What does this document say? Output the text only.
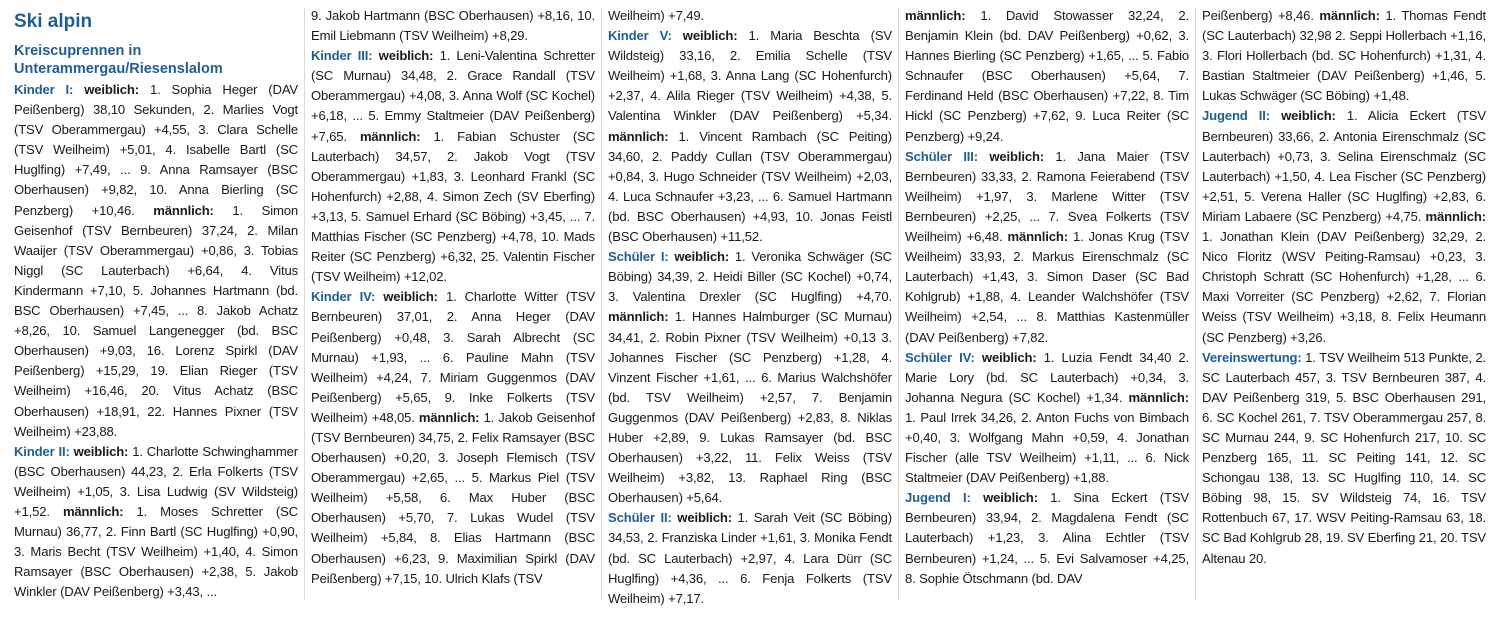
Ski alpin
Kreiscuprennen in Unterammergau/Riesenslalom

Kinder I: weiblich: 1. Sophia Heger (DAV Peißenberg) 38,10 Sekunden, 2. Marlies Vogt (TSV Oberammergau) +4,55, 3. Clara Schelle (TSV Weilheim) +5,01, 4. Isabelle Bartl (SC Huglfing) +7,49, ... 9. Anna Ramsayer (BSC Oberhausen) +9,82, 10. Anna Bierling (SC Penzberg) +10,46. männlich: 1. Simon Geisenhof (TSV Bernbeuren) 37,24, 2. Milan Waaijer (TSV Oberammergau) +0,86, 3. Tobias Niggl (SC Lauterbach) +6,64, 4. Vitus Kindermann +7,10, 5. Johannes Hartmann (bd. BSC Oberhausen) +7,45, ... 8. Jakob Achatz +8,26, 10. Samuel Langenegger (bd. BSC Oberhausen) +9,03, 16. Lorenz Spirkl (DAV Peißenberg) +15,29, 19. Elian Rieger (TSV Weilheim) +16,46, 20. Vitus Achatz (BSC Oberhausen) +18,91, 22. Hannes Pixner (TSV Weilheim) +23,88.

Kinder II: weiblich: 1. Charlotte Schwinghammer (BSC Oberhausen) 44,23, 2. Erla Folkerts (TSV Weilheim) +1,05, 3. Lisa Ludwig (SV Wildsteig) +1,52. männlich: 1. Moses Schretter (SC Murnau) 36,77, 2. Finn Bartl (SC Huglfing) +0,90, 3. Maris Becht (TSV Weilheim) +1,40, 4. Simon Ramsayer (BSC Oberhausen) +2,38, 5. Jakob Winkler (DAV Peißenberg) +3,43, ...

9. Jakob Hartmann (BSC Oberhausen) +8,16, 10. Emil Liebmann (TSV Weilheim) +8,29.

Kinder III: weiblich: 1. Leni-Valentina Schretter (SC Murnau) 34,48, 2. Grace Randall (TSV Oberammergau) +4,08, 3. Anna Wolf (SC Kochel) +6,18, ... 5. Emmy Staltmeier (DAV Peißenberg) +7,65. männlich: 1. Fabian Schuster (SC Lauterbach) 34,57, 2. Jakob Vogt (TSV Oberammergau) +1,83, 3. Leonhard Frankl (SC Hohenfurch) +2,88, 4. Simon Zech (SV Eberfing) +3,13, 5. Samuel Erhard (SC Böbing) +3,45, ... 7. Matthias Fischer (SC Penzberg) +4,78, 10. Mads Reiter (SC Penzberg) +6,32, 25. Valentin Fischer (TSV Weilheim) +12,02.

Kinder IV: weiblich: 1. Charlotte Witter (TSV Bernbeuren) 37,01, 2. Anna Heger (DAV Peißenberg) +0,48, 3. Sarah Albrecht (SC Murnau) +1,93, ... 6. Pauline Mahn (TSV Weilheim) +4,24, 7. Miriam Guggenmos (DAV Peißenberg) +5,65, 9. Inke Folkerts (TSV Weilheim) +48,05. männlich: 1. Jakob Geisenhof (TSV Bernbeuren) 34,75, 2. Felix Ramsayer (BSC Oberhausen) +0,20, 3. Joseph Flemisch (TSV Oberammergau) +2,65, ... 5. Markus Piel (TSV Weilheim) +5,58, 6. Max Huber (BSC Oberhausen) +5,70, 7. Lukas Wudel (TSV Weilheim) +5,84, 8. Elias Hartmann (BSC Oberhausen) +6,23, 9. Maximilian Spirkl (DAV Peißenberg) +7,15, 10. Ulrich Klafs (TSV

Weilheim) +7,49.

Kinder V: weiblich: 1. Maria Beschta (SV Wildsteig) 33,16, 2. Emilia Schelle (TSV Weilheim) +1,68, 3. Anna Lang (SC Hohenfurch) +2,37, 4. Alila Rieger (TSV Weilheim) +4,38, 5. Valentina Winkler (DAV Peißenberg) +5,34. männlich: 1. Vincent Rambach (SC Peiting) 34,60, 2. Paddy Cullan (TSV Oberammergau) +0,84, 3. Hugo Schneider (TSV Weilheim) +2,03, 4. Luca Schnaufer +3,23, ... 6. Samuel Hartmann (bd. BSC Oberhausen) +4,93, 10. Jonas Feistl (BSC Oberhausen) +11,52.

Schüler I: weiblich: 1. Veronika Schwäger (SC Böbing) 34,39, 2. Heidi Biller (SC Kochel) +0,74, 3. Valentina Drexler (SC Huglfing) +4,70. männlich: 1. Hannes Halmburger (SC Murnau) 34,41, 2. Robin Pixner (TSV Weilheim) +0,13 3. Johannes Fischer (SC Penzberg) +1,28, 4. Vinzent Fischer +1,61, ... 6. Marius Walchshöfer (bd. TSV Weilheim) +2,57, 7. Benjamin Guggenmos (DAV Peißenberg) +2,83, 8. Niklas Huber +2,89, 9. Lukas Ramsayer (bd. BSC Oberhausen) +3,22, 11. Felix Weiss (TSV Weilheim) +3,82, 13. Raphael Ring (BSC Oberhausen) +5,64.

Schüler II: weiblich: 1. Sarah Veit (SC Böbing) 34,53, 2. Franziska Linder +1,61, 3. Monika Fendt (bd. SC Lauterbach) +2,97, 4. Lara Dürr (SC Huglfing) +4,36, ... 6. Fenja Folkerts (TSV Weilheim) +7,17.

männlich: 1. David Stowasser 32,24, 2. Benjamin Klein (bd. DAV Peißenberg) +0,62, 3. Hannes Bierling (SC Penzberg) +1,65, ... 5. Fabio Schnaufer (BSC Oberhausen) +5,64, 7. Ferdinand Held (BSC Oberhausen) +7,22, 8. Tim Hickl (SC Penzberg) +7,62, 9. Luca Reiter (SC Penzberg) +9,24.

Schüler III: weiblich: 1. Jana Maier (TSV Bernbeuren) 33,33, 2. Ramona Feierabend (TSV Weilheim) +1,97, 3. Marlene Witter (TSV Bernbeuren) +2,25, ... 7. Svea Folkerts (TSV Weilheim) +6,48. männlich: 1. Jonas Krug (TSV Weilheim) 33,93, 2. Markus Eirenschmalz (SC Lauterbach) +1,43, 3. Simon Daser (SC Bad Kohlgrub) +1,88, 4. Leander Walchshöfer (TSV Weilheim) +2,54, ... 8. Matthias Kastenmüller (DAV Peißenberg) +7,82.

Schüler IV: weiblich: 1. Luzia Fendt 34,40 2. Marie Lory (bd. SC Lauterbach) +0,34, 3. Johanna Negura (SC Kochel) +1,34. männlich: 1. Paul Irrek 34,26, 2. Anton Fuchs von Bimbach +0,40, 3. Wolfgang Mahn +0,59, 4. Jonathan Fischer (alle TSV Weilheim) +1,11, ... 6. Nick Staltmeier (DAV Peißenberg) +1,88.

Jugend I: weiblich: 1. Sina Eckert (TSV Bernbeuren) 33,94, 2. Magdalena Fendt (SC Lauterbach) +1,23, 3. Alina Echtler (TSV Bernbeuren) +1,24, ... 5. Evi Salvamoser +4,25, 8. Sophie Ötschmann (bd. DAV

Peißenberg) +8,46. männlich: 1. Thomas Fendt (SC Lauterbach) 32,98 2. Seppi Hollerbach +1,16, 3. Flori Hollerbach (bd. SC Hohenfurch) +1,31, 4. Bastian Staltmeier (DAV Peißenberg) +1,46, 5. Lukas Schwäger (SC Böbing) +1,48.

Jugend II: weiblich: 1. Alicia Eckert (TSV Bernbeuren) 33,66, 2. Antonia Eirenschmalz (SC Lauterbach) +0,73, 3. Selina Eirenschmalz (SC Lauterbach) +1,50, 4. Lea Fischer (SC Penzberg) +2,51, 5. Verena Haller (SC Huglfing) +2,83, 6. Miriam Labaere (SC Penzberg) +4,75. männlich: 1. Jonathan Klein (DAV Peißenberg) 32,29, 2. Nico Floritz (WSV Peiting-Ramsau) +0,23, 3. Christoph Schratt (SC Hohenfurch) +1,28, ... 6. Maxi Vorreiter (SC Penzberg) +2,62, 7. Florian Weiss (TSV Weilheim) +3,18, 8. Felix Heumann (SC Penzberg) +3,26.

Vereinswertung: 1. TSV Weilheim 513 Punkte, 2. SC Lauterbach 457, 3. TSV Bernbeuren 387, 4. DAV Peißenberg 319, 5. BSC Oberhausen 291, 6. SC Kochel 261, 7. TSV Oberammergau 257, 8. SC Murnau 244, 9. SC Hohenfurch 217, 10. SC Penzberg 165, 11. SC Peiting 141, 12. SC Schongau 138, 13. SC Huglfing 110, 14. SC Böbing 98, 15. SV Wildsteig 74, 16. TSV Rottenbuch 67, 17. WSV Peiting-Ramsau 63, 18. SC Bad Kohlgrub 28, 19. SV Eberfing 21, 20. TSV Altenau 20.
